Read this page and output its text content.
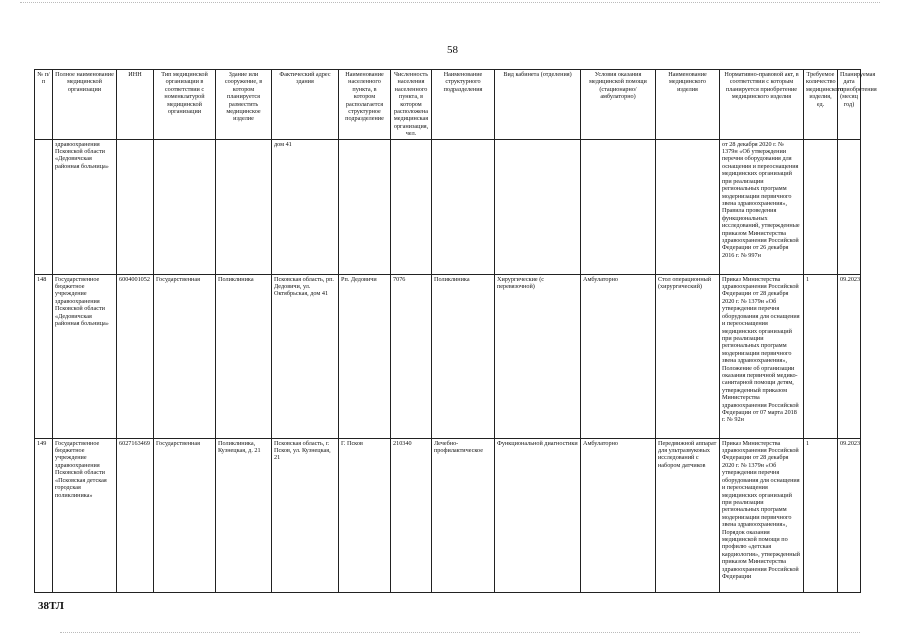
58
№ п/п	Полное наименование медицинской организации	ИНН	Тип медицинской организации в соответствии с номенклатурой медицинской организации	Здание или сооружение, в котором планируется разместить медицинское изделие	Фактический адрес здания	Наименование населенного пункта, в котором располагается структурное подразделение	Численность населения населенного пункта, в котором расположена медицинская организация, чел.	Наименование структурного подразделения	Вид кабинета (отделения)	Условия оказания медицинской помощи (стационарно/ амбулаторно)	Наименование медицинского изделия	Нормативно-правовой акт, в соответствии с которым планируется приобретение медицинского изделия	Требуемое количество медицинского изделия, ед.	Планируемая дата приобретения (месяц год)
	здравоохранения Псковской области «Дедовичская районная больница»				дом 41							от 28 декабря 2020 г. № 1379н «Об утверждении перечня оборудования для оснащения и переоснащения медицинских организаций при реализации региональных программ модернизации первичного звена здравоохранения», Правила проведения функциональных исследований, утвержденные приказом Министерства здравоохранения Российской Федерации от 26 декабря 2016 г. № 997н		
148	Государственное бюджетное учреждение здравоохранения Псковской области «Дедовичская районная больница»	6004001052	Государственная	Поликлиника	Псковская область, рп. Дедовичи, ул. Октябрьская, дом 41	Рп. Дедовичи	7076	Поликлиника	Хирургические (с перевязочной)	Амбулаторно	Стол операционный (хирургический)	Приказ Министерства здравоохранения Российской Федерации от 28 декабря 2020 г. № 1379н «Об утверждении перечня оборудования для оснащения и переоснащения медицинских организаций при реализации региональных программ модернизации первичного звена здравоохранения», Положение об организации оказания первичной медико-санитарной помощи детям, утвержденный приказом Министерства здравоохранения Российской Федерации от 07 марта 2018 г. № 92н	1	09.2023
149	Государственное бюджетное учреждение здравоохранения Псковской области «Псковская детская городская поликлиника»	6027163469	Государственная	Поликлиника, Кузнецкая, д. 21	Псковская область, г. Псков, ул. Кузнецкая, 21	Г. Псков	210340	Лечебно-профилактическое	Функциональной диагностики	Амбулаторно	Передвижной аппарат для ультразвуковых исследований с набором датчиков	Приказ Министерства здравоохранения Российской Федерации от 28 декабря 2020 г. № 1379н «Об утверждении перечня оборудования для оснащения и переоснащения медицинских организаций при реализации региональных программ модернизации первичного звена здравоохранения», Порядок оказания медицинской помощи по профилю «детская кардиология», утвержденный приказом Министерства здравоохранения Российской Федерации	1	09.2023
38ТЛ
